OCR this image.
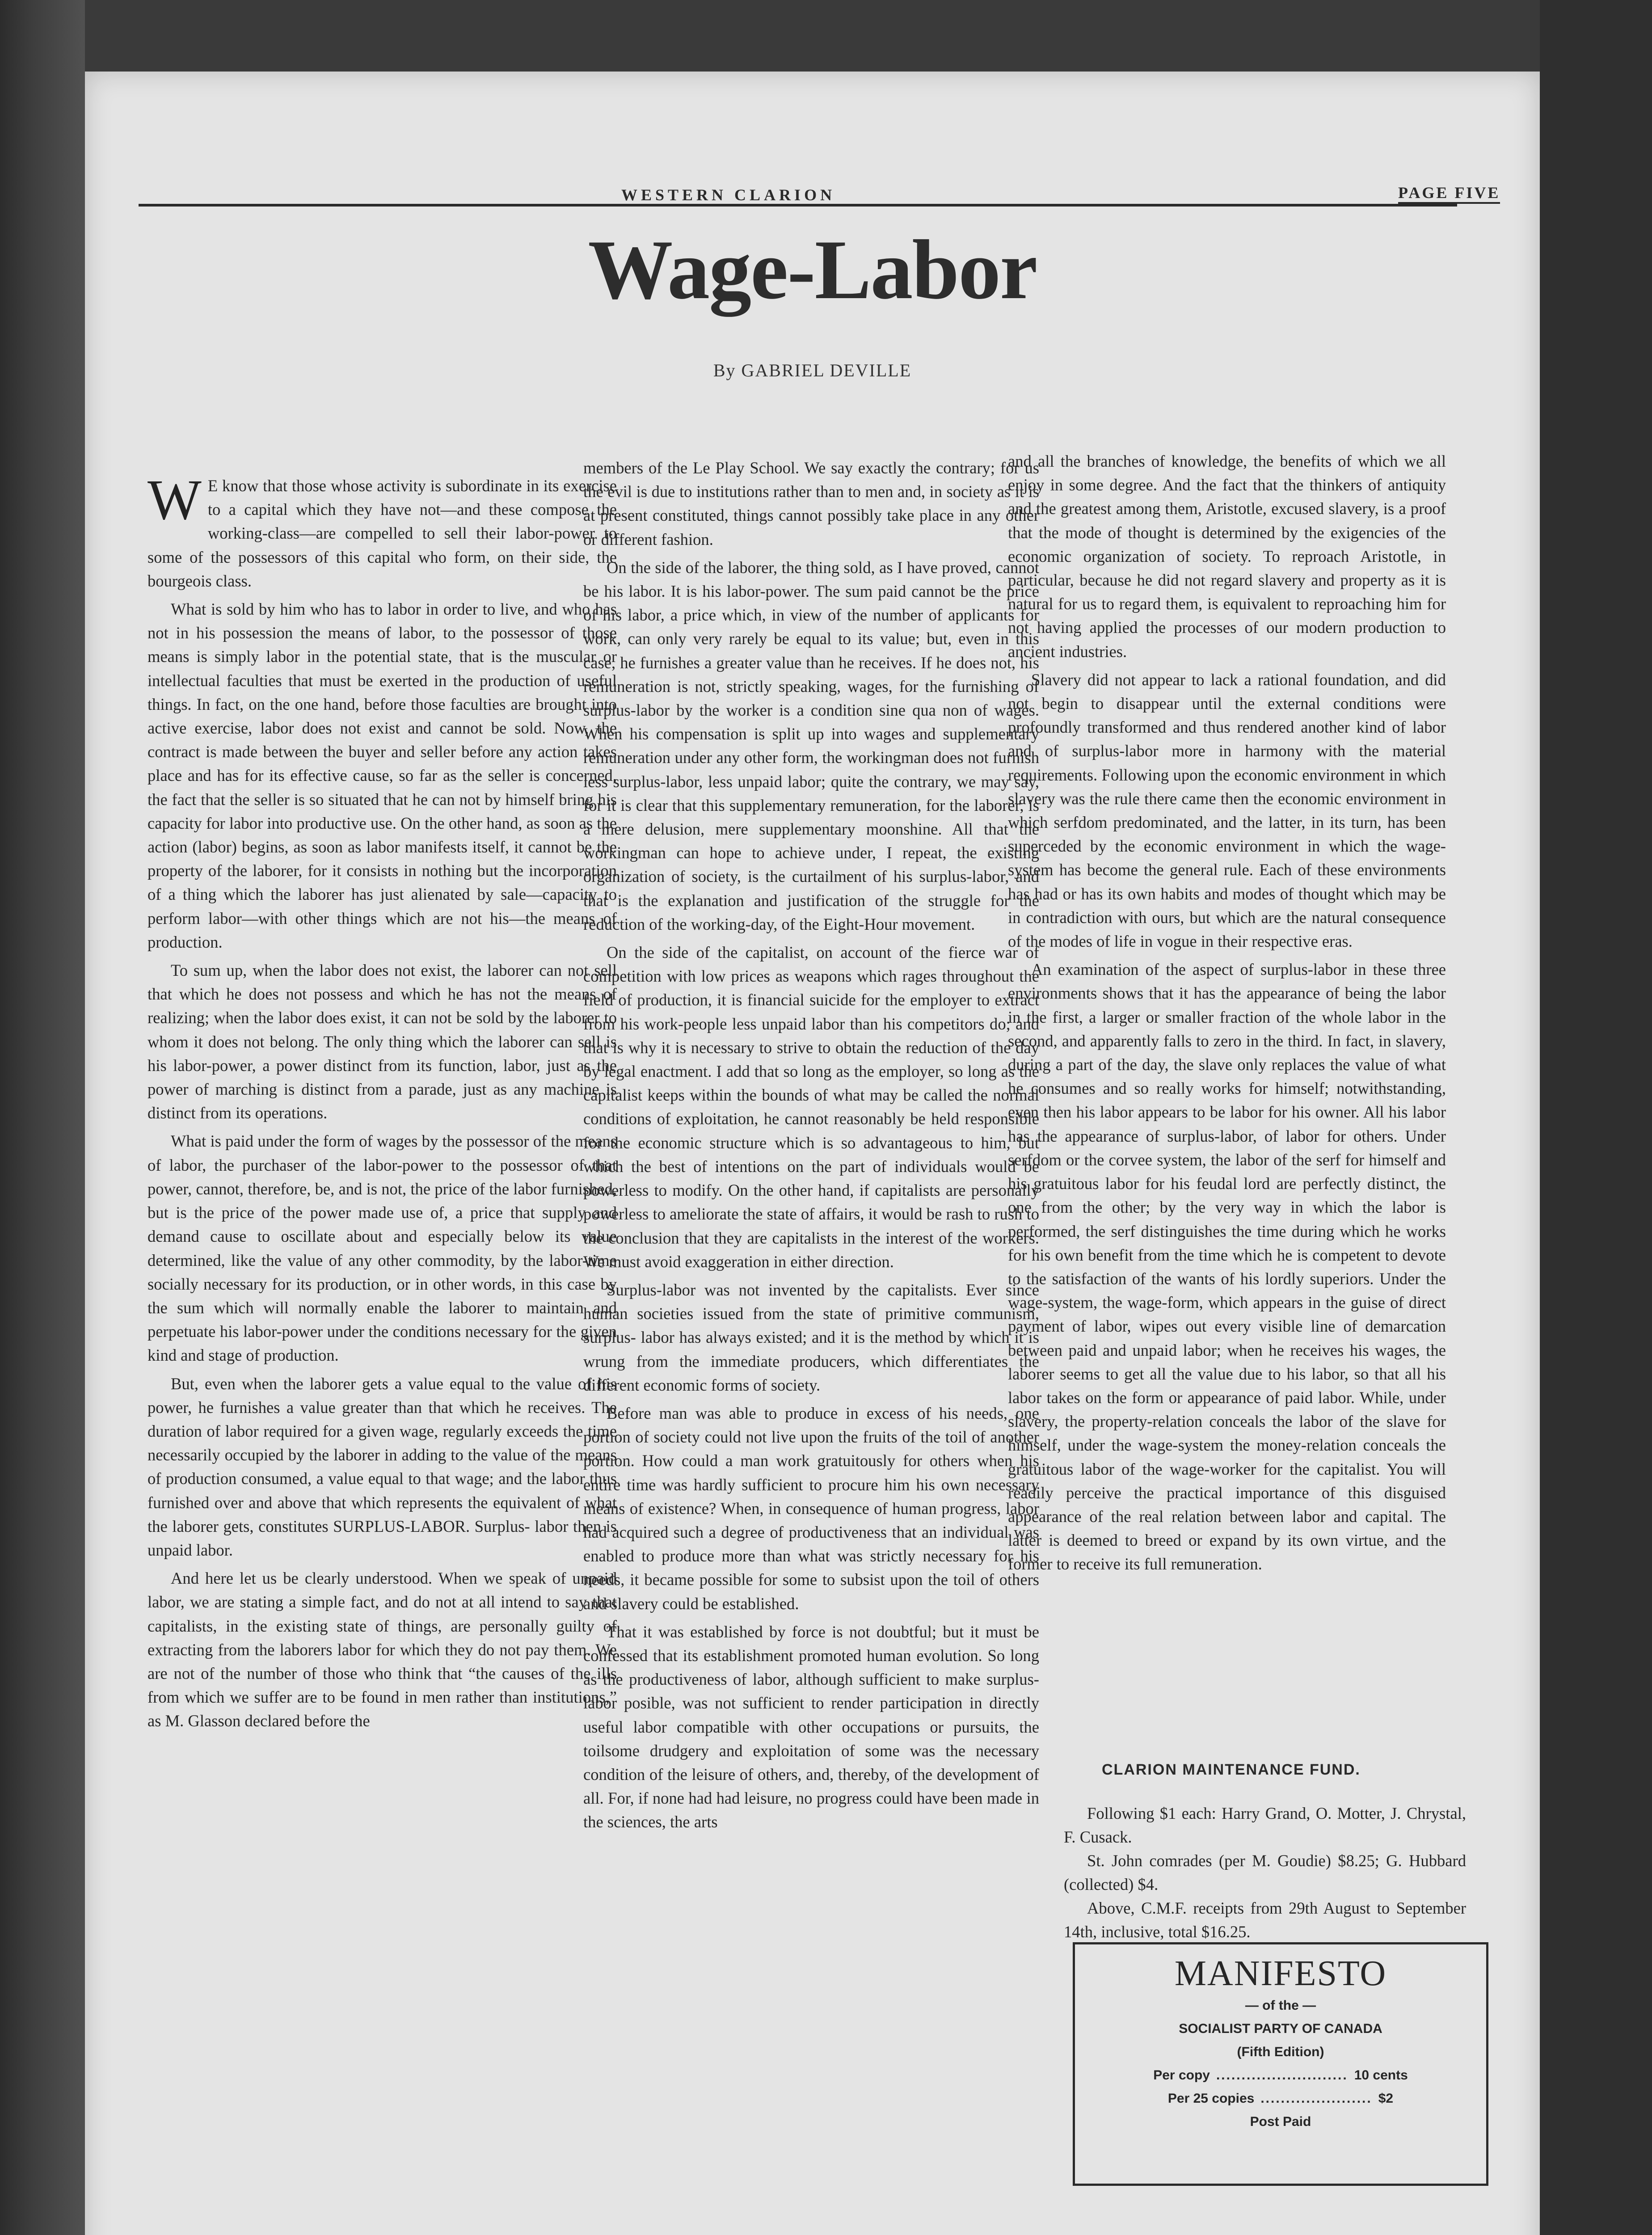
WESTERN CLARION	PAGE FIVE
Wage-Labor
By GABRIEL DEVILLE

W E know that those whose activity is subordinate in its exercise to a capital which they have not—and these compose the working-class—are compelled to sell their labor-power to some of the possessors of this capital who form, on their side, the bourgeois class.

What is sold by him who has to labor in order to live, and who has not in his possession the means of labor, to the possessor of those means is simply labor in the potential state, that is the muscular or intellectual faculties that must be exerted in the production of useful things. In fact, on the one hand, before those faculties are brought into active exercise, labor does not exist and cannot be sold. Now, the contract is made between the buyer and seller before any action takes place and has for its effective cause, so far as the seller is concerned, the fact that the seller is so situated that he can not by himself bring his capacity for labor into productive use. On the other hand, as soon as the action (labor) begins, as soon as labor manifests itself, it cannot be the property of the laborer, for it consists in nothing but the incorporation of a thing which the laborer has just alienated by sale—capacity to perform labor—with other things which are not his—the means of production.

To sum up, when the labor does not exist, the laborer can not sell that which he does not possess and which he has not the means of realizing; when the labor does exist, it can not be sold by the laborer to whom it does not belong. The only thing which the laborer can sell is his labor-power, a power distinct from its function, labor, just as the power of marching is distinct from a parade, just as any machine is distinct from its operations.

What is paid under the form of wages by the possessor of the means of labor, the purchaser of the labor-power to the possessor of that power, cannot, therefore, be, and is not, the price of the labor furnished, but is the price of the power made use of, a price that supply and demand cause to oscillate about and especially below its value determined, like the value of any other commodity, by the labor-time socially necessary for its production, or in other words, in this case by the sum which will normally enable the laborer to maintain and perpetuate his labor-power under the conditions necessary for the given kind and stage of production.

But, even when the laborer gets a value equal to the value of his power, he furnishes a value greater than that which he receives. The duration of labor required for a given wage, regularly exceeds the time necessarily occupied by the laborer in adding to the value of the means of production consumed, a value equal to that wage; and the labor thus furnished over and above that which represents the equivalent of what the laborer gets, constitutes SURPLUS-LABOR. Surplus- labor then is unpaid labor.

And here let us be clearly understood. When we speak of unpaid labor, we are stating a simple fact, and do not at all intend to say that capitalists, in the existing state of things, are personally guilty of extracting from the laborers labor for which they do not pay them. We are not of the number of those who think that “the causes of the ills from which we suffer are to be found in men rather than institutions,” as M. Glasson declared before the

members of the Le Play School. We say exactly the contrary; for us the evil is due to institutions rather than to men and, in society as it is at present constituted, things cannot possibly take place in any other or different fashion.

On the side of the laborer, the thing sold, as I have proved, cannot be his labor. It is his labor-power. The sum paid cannot be the price of his labor, a price which, in view of the number of applicants for work, can only very rarely be equal to its value; but, even in this case, he furnishes a greater value than he receives. If he does not, his remuneration is not, strictly speaking, wages, for the furnishing of surplus-labor by the worker is a condition sine qua non of wages. When his compensation is split up into wages and supplementary remuneration under any other form, the workingman does not furnish less surplus-labor, less unpaid labor; quite the contrary, we may say, for it is clear that this supplementary remuneration, for the laborer, is a mere delusion, mere supplementary moonshine. All that the workingman can hope to achieve under, I repeat, the existing organization of society, is the curtailment of his surplus-labor, and that is the explanation and justification of the struggle for the reduction of the working-day, of the Eight-Hour movement.

On the side of the capitalist, on account of the fierce war of competition with low prices as weapons which rages throughout the field of production, it is financial suicide for the employer to extract from his work-people less unpaid labor than his competitors do; and that is why it is necessary to strive to obtain the reduction of the day by legal enactment. I add that so long as the employer, so long as the capitalist keeps within the bounds of what may be called the normal conditions of exploitation, he cannot reasonably be held responsible for the economic structure which is so advantageous to him, but which the best of intentions on the part of individuals would be powerless to modify. On the other hand, if capitalists are personally powerless to ameliorate the state of affairs, it would be rash to rush to the conclusion that they are capitalists in the interest of the workers. We must avoid exaggeration in either direction.

Surplus-labor was not invented by the capitalists. Ever since human societies issued from the state of primitive communism, surplus- labor has always existed; and it is the method by which it is wrung from the immediate producers, which differentiates the different economic forms of society.

Before man was able to produce in excess of his needs, one portion of society could not live upon the fruits of the toil of another portion. How could a man work gratuitously for others when his entire time was hardly sufficient to procure him his own necessary means of existence? When, in consequence of human progress, labor had acquired such a degree of productiveness that an individual was enabled to produce more than what was strictly necessary for his needs, it became possible for some to subsist upon the toil of others and slavery could be established.

That it was established by force is not doubtful; but it must be confessed that its establishment promoted human evolution. So long as the productiveness of labor, although sufficient to make surplus-labor posible, was not sufficient to render participation in directly useful labor compatible with other occupations or pursuits, the toilsome drudgery and exploitation of some was the necessary condition of the leisure of others, and, thereby, of the development of all. For, if none had had leisure, no progress could have been made in the sciences, the arts

and all the branches of knowledge, the benefits of which we all enjoy in some degree. And the fact that the thinkers of antiquity and the greatest among them, Aristotle, excused slavery, is a proof that the mode of thought is determined by the exigencies of the economic organization of society. To reproach Aristotle, in particular, because he did not regard slavery and property as it is natural for us to regard them, is equivalent to reproaching him for not having applied the processes of our modern production to ancient industries.

Slavery did not appear to lack a rational foundation, and did not begin to disappear until the external conditions were profoundly transformed and thus rendered another kind of labor and of surplus-labor more in harmony with the material requirements. Following upon the economic environment in which slavery was the rule there came then the economic environment in which serfdom predominated, and the latter, in its turn, has been superceded by the economic environment in which the wage-system has become the general rule. Each of these environments has had or has its own habits and modes of thought which may be in contradiction with ours, but which are the natural consequence of the modes of life in vogue in their respective eras.

An examination of the aspect of surplus-labor in these three environments shows that it has the appearance of being the labor in the first, a larger or smaller fraction of the whole labor in the second, and apparently falls to zero in the third. In fact, in slavery, during a part of the day, the slave only replaces the value of what he consumes and so really works for himself; notwithstanding, even then his labor appears to be labor for his owner. All his labor has the appearance of surplus-labor, of labor for others. Under serfdom or the corvee system, the labor of the serf for himself and his gratuitous labor for his feudal lord are perfectly distinct, the one from the other; by the very way in which the labor is performed, the serf distinguishes the time during which he works for his own benefit from the time which he is competent to devote to the satisfaction of the wants of his lordly superiors. Under the wage-system, the wage-form, which appears in the guise of direct payment of labor, wipes out every visible line of demarcation between paid and unpaid labor; when he receives his wages, the laborer seems to get all the value due to his labor, so that all his labor takes on the form or appearance of paid labor. While, under slavery, the property-relation conceals the labor of the slave for himself, under the wage-system the money-relation conceals the gratuitous labor of the wage-worker for the capitalist. You will readily perceive the practical importance of this disguised appearance of the real relation between labor and capital. The latter is deemed to breed or expand by its own virtue, and the former to receive its full remuneration.

CLARION MAINTENANCE FUND.

Following $1 each: Harry Grand, O. Motter, J. Chrystal, F. Cusack.

St. John comrades (per M. Goudie) $8.25; G. Hubbard (collected) $4.

Above, C.M.F. receipts from 29th August to September 14th, inclusive, total $16.25.

MANIFESTO
— of the —
SOCIALIST PARTY OF CANADA
(Fifth Edition)
Per copy .......................... 10 cents
Per 25 copies ...................... $2
Post Paid
